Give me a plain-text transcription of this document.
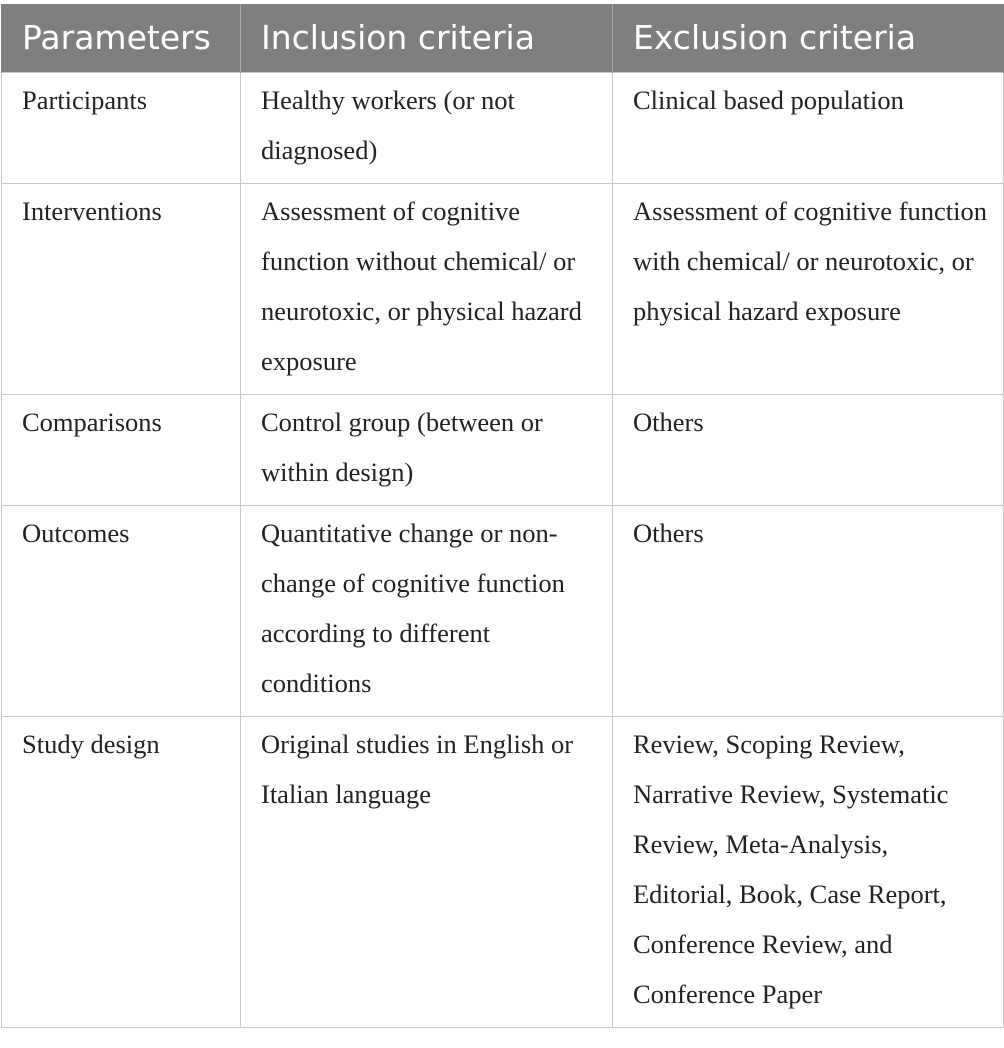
Parameters	Inclusion criteria	Exclusion criteria
Participants	Healthy workers (or not diagnosed)	Clinical based population
Interventions	Assessment of cognitive function without chemical/ or neurotoxic, or physical hazard exposure	Assessment of cognitive function with chemical/ or neurotoxic, or physical hazard exposure
Comparisons	Control group (between or within design)	Others
Outcomes	Quantitative change or non-change of cognitive function according to different conditions	Others
Study design	Original studies in English or Italian language	Review, Scoping Review, Narrative Review, Systematic Review, Meta-Analysis, Editorial, Book, Case Report, Conference Review, and Conference Paper
